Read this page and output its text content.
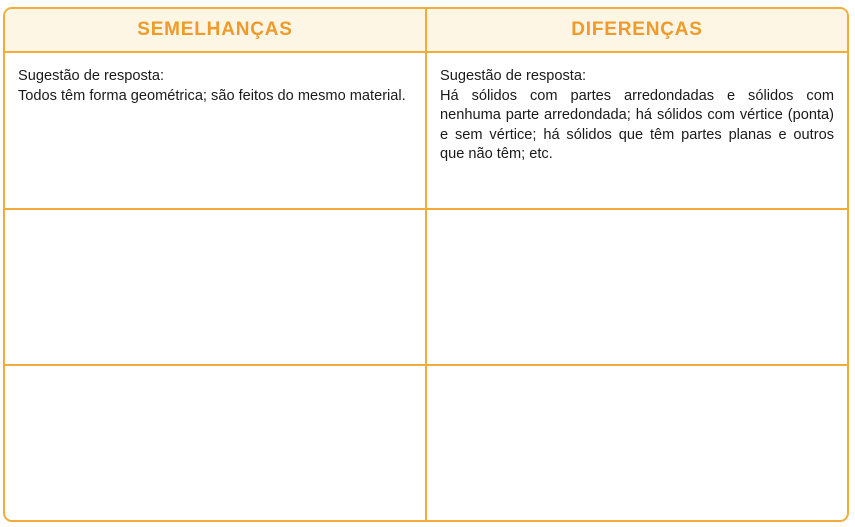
SEMELHANÇAS	DIFERENÇAS

Sugestão de resposta:

Todos têm forma geométrica; são feitos do mesmo material.

Sugestão de resposta:

Há sólidos com partes arredondadas e sólidos com nenhuma parte arredondada; há sólidos com vértice (ponta) e sem vértice; há sólidos que têm partes planas e outros que não têm; etc.
